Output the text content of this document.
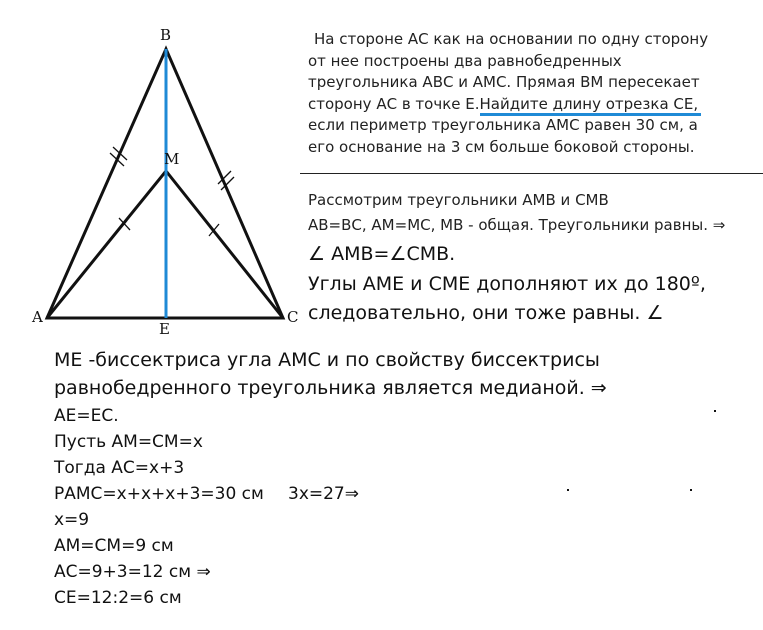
B
M
A
E
C
На стороне АС как на основании по одну сторону
от нее построены два равнобедренных
треугольника АВС и АМС. Прямая ВМ пересекает
сторону АС в точке Е.Найдите длину отрезка СЕ,
если периметр треугольника АМС равен 30 см, а
его основание на 3 см больше боковой стороны.
Рассмотрим треугольники АМВ и СМВ
АВ=ВС, АМ=МС, МВ - общая. Треугольники равны. ⇒
∠ АМВ=∠СМВ.
Углы АМЕ и СМЕ дополняют их до 180º,
следовательно, они тоже равны. ∠
МЕ -биссектриса угла АМС и по свойству биссектрисы
равнобедренного треугольника является медианой. ⇒
АЕ=ЕС.
Пусть АМ=СМ=х
Тогда АС=х+3
РАМС=х+х+х+3=30 см 3х=27⇒
х=9
АМ=СМ=9 см
АС=9+3=12 см ⇒
СЕ=12:2=6 см
